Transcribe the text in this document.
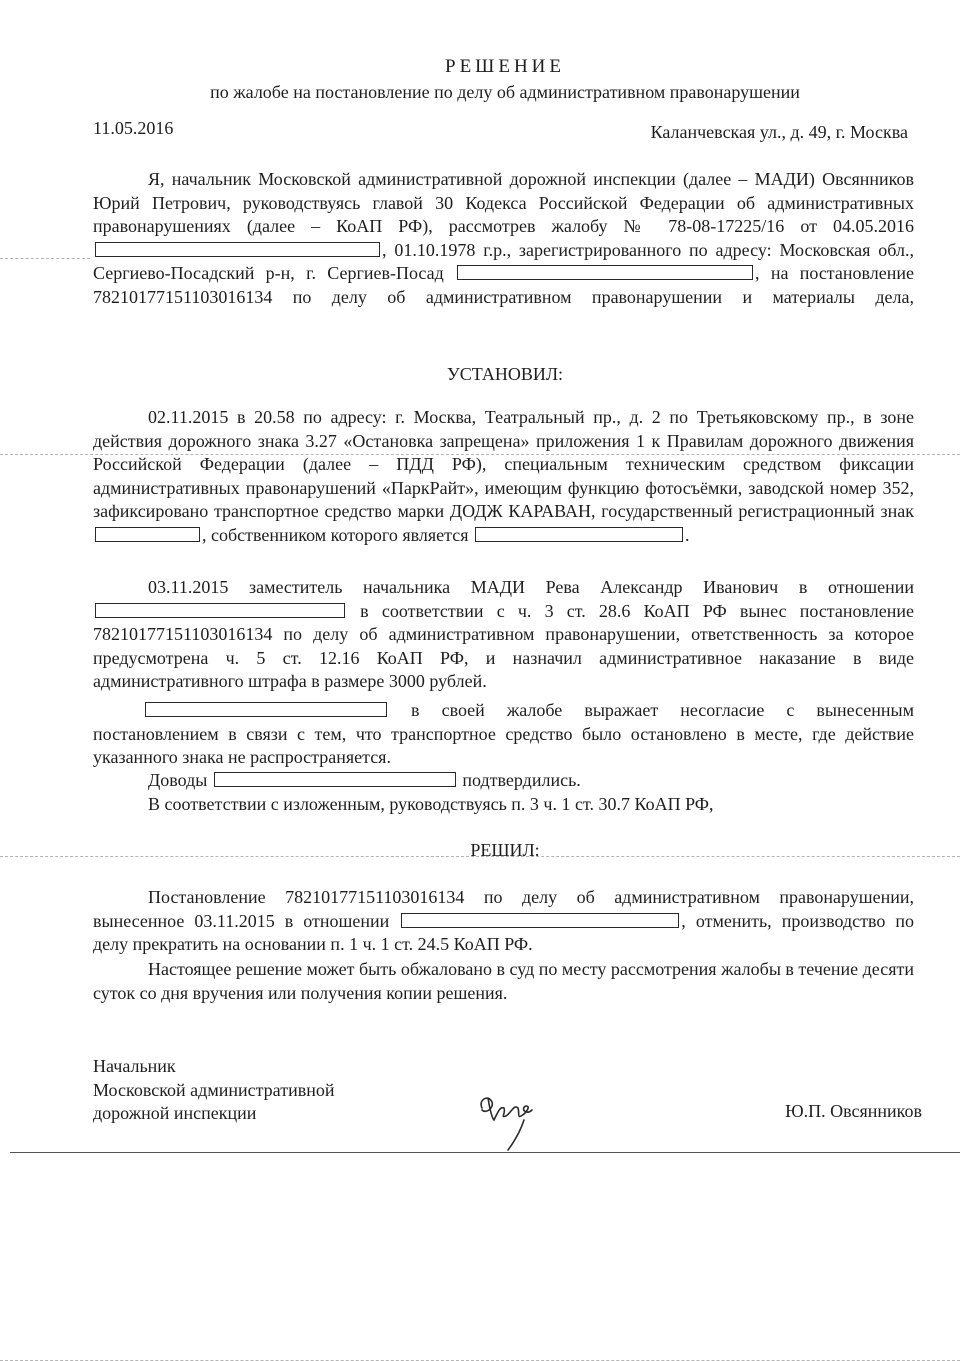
РЕШЕНИЕ
по жалобе на постановление по делу об административном правонарушении
11.05.2016	Каланчевская ул., д. 49, г. Москва

Я, начальник Московской административной дорожной инспекции (далее – МАДИ) Овсянников Юрий Петрович, руководствуясь главой 30 Кодекса Российской Федерации об административных правонарушениях (далее – КоАП РФ), рассмотрев жалобу № 78-08-17225/16 от 04.05.2016 , 01.10.1978 г.р., зарегистрированного по адресу: Московская обл., Сергиево-Посадский р-н, г. Сергиев-Посад	, на постановление 78210177151103016134 по делу об административном правонарушении и материалы дела,

УСТАНОВИЛ:

02.11.2015 в 20.58 по адресу: г. Москва, Театральный пр., д. 2 по Третьяковскому пр., в зоне действия дорожного знака 3.27 «Остановка запрещена» приложения 1 к Правилам дорожного движения Российской Федерации (далее – ПДД РФ), специальным техническим средством фиксации административных правонарушений «ПаркРайт», имеющим функцию фотосъёмки, заводской номер 352, зафиксировано транспортное средство марки ДОДЖ КАРАВАН, государственный регистрационный знак , собственником которого является	.

03.11.2015 заместитель начальника МАДИ Рева Александр Иванович в отношении  в соответствии с ч. 3 ст. 28.6 КоАП РФ вынес постановление 78210177151103016134 по делу об административном правонарушении, ответственность за которое предусмотрена ч. 5 ст. 12.16 КоАП РФ, и назначил административное наказание в виде административного штрафа в размере 3000 рублей.

в своей жалобе выражает несогласие с вынесенным постановлением в связи с тем, что транспортное средство было остановлено в месте, где действие указанного знака не распространяется.

Доводы	подтвердились.

В соответствии с изложенным, руководствуясь п. 3 ч. 1 ст. 30.7 КоАП РФ,

РЕШИЛ:

Постановление 78210177151103016134 по делу об административном правонарушении, вынесенное 03.11.2015 в отношении	, отменить, производство по делу прекратить на основании п. 1 ч. 1 ст. 24.5 КоАП РФ.

Настоящее решение может быть обжаловано в суд по месту рассмотрения жалобы в течение десяти суток со дня вручения или получения копии решения.

Начальник
Московской административной
дорожной инспекции	Ю.П. Овсянников
